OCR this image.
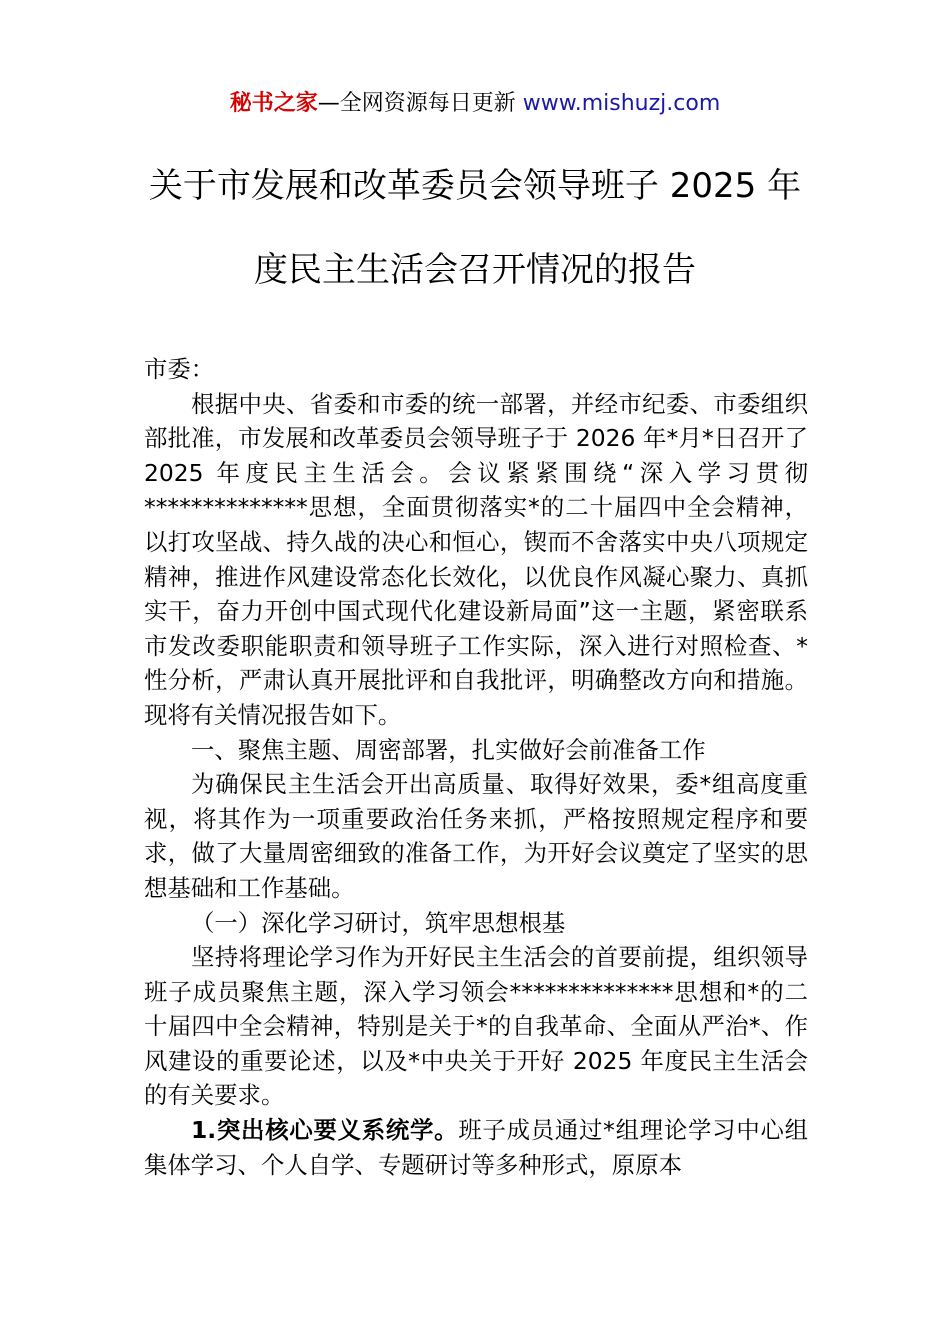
秘书之家—全网资源每日更新 www.mishuzj.com
关于市发展和改革委员会领导班子 2025 年
度民主生活会召开情况的报告

市委：

根据中央、省委和市委的统一部署，并经市纪委、市委组织部批准，市发展和改革委员会领导班子于 2026 年*月*日召开了 2025 年度民主生活会。会议紧紧围绕“深入学习贯彻**************思想，全面贯彻落实*的二十届四中全会精神，以打攻坚战、持久战的决心和恒心，锲而不舍落实中央八项规定精神，推进作风建设常态化长效化，以优良作风凝心聚力、真抓实干，奋力开创中国式现代化建设新局面”这一主题，紧密联系市发改委职能职责和领导班子工作实际，深入进行对照检查、*性分析，严肃认真开展批评和自我批评，明确整改方向和措施。现将有关情况报告如下。

一、聚焦主题、周密部署，扎实做好会前准备工作

为确保民主生活会开出高质量、取得好效果，委*组高度重视，将其作为一项重要政治任务来抓，严格按照规定程序和要求，做了大量周密细致的准备工作，为开好会议奠定了坚实的思想基础和工作基础。

（一）深化学习研讨，筑牢思想根基

坚持将理论学习作为开好民主生活会的首要前提，组织领导班子成员聚焦主题，深入学习领会**************思想和*的二十届四中全会精神，特别是关于*的自我革命、全面从严治*、作风建设的重要论述，以及*中央关于开好 2025 年度民主生活会的有关要求。

1.突出核心要义系统学。班子成员通过*组理论学习中心组集体学习、个人自学、专题研讨等多种形式，原原本
